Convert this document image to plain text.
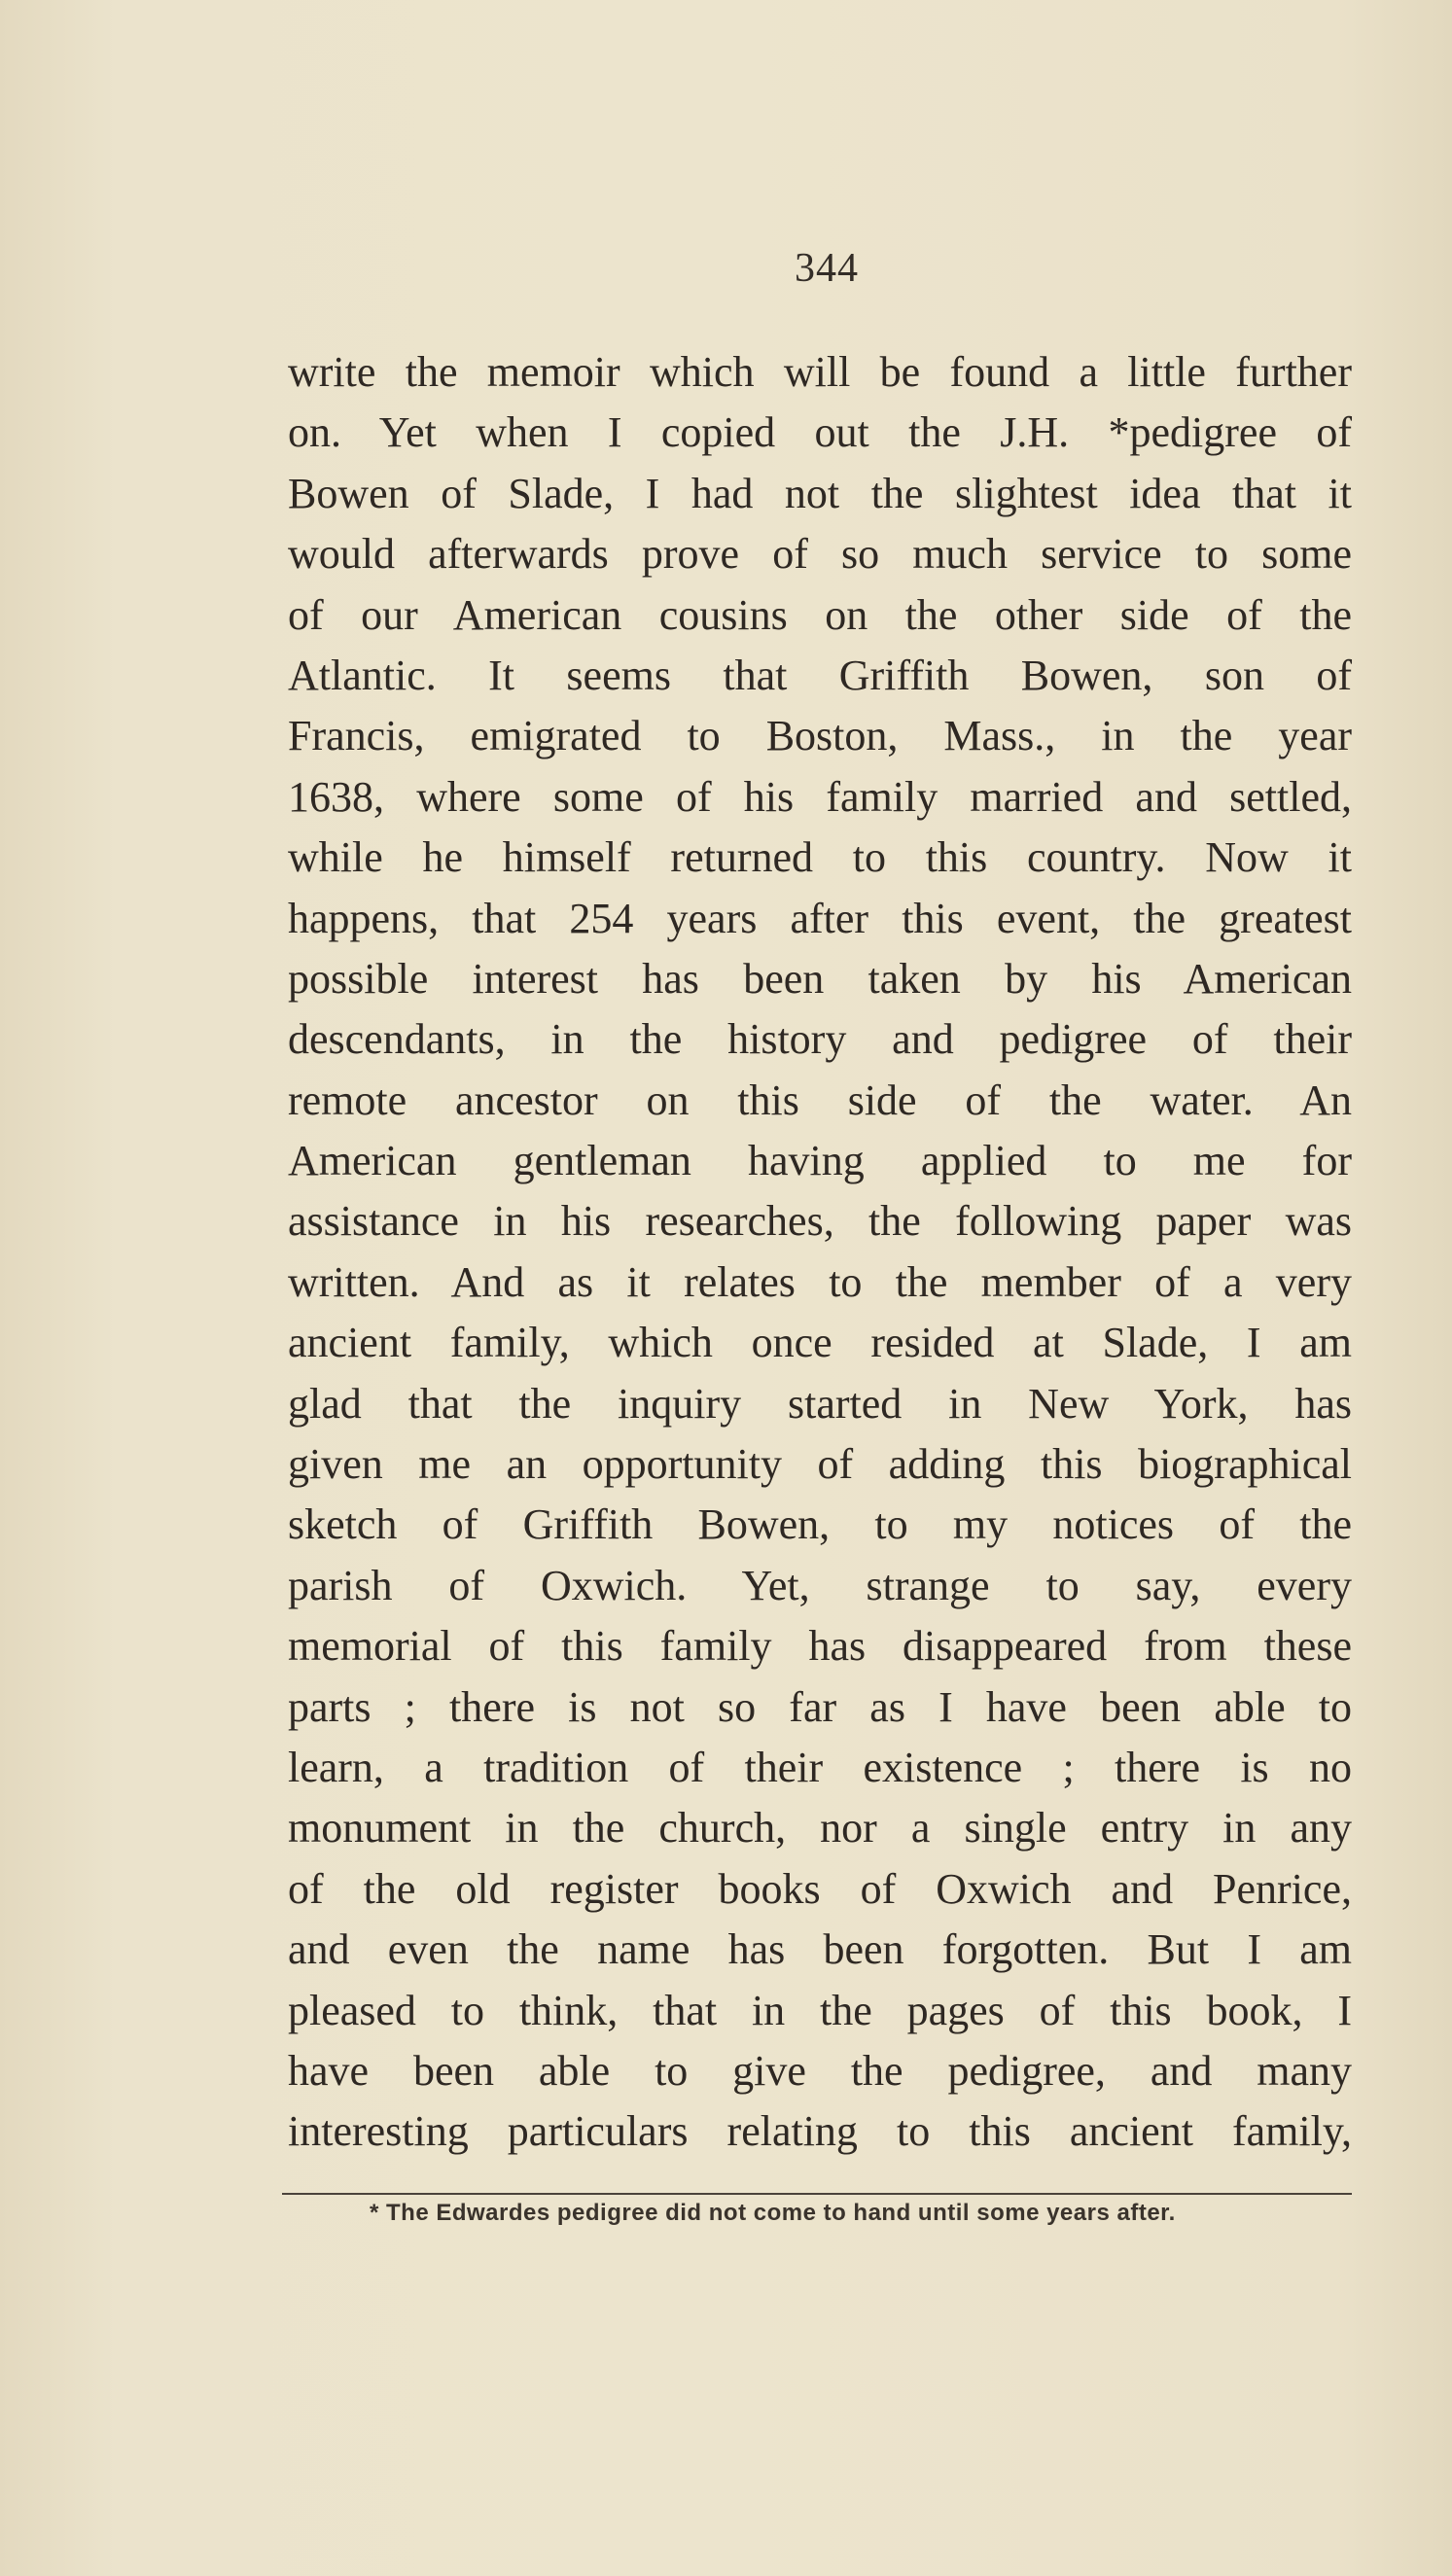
344
write the memoir which will be found a little further
on. Yet when I copied out the J.H. *pedigree of
Bowen of Slade, I had not the slightest idea that it
would afterwards prove of so much service to some
of our American cousins on the other side of the
Atlantic. It seems that Griffith Bowen, son of
Francis, emigrated to Boston, Mass., in the year
1638, where some of his family married and settled,
while he himself returned to this country. Now it
happens, that 254 years after this event, the greatest
possible interest has been taken by his American
descendants, in the history and pedigree of their
remote ancestor on this side of the water. An
American gentleman having applied to me for
assistance in his researches, the following paper was
written. And as it relates to the member of a very
ancient family, which once resided at Slade, I am
glad that the inquiry started in New York, has
given me an opportunity of adding this biographical
sketch of Griffith Bowen, to my notices of the
parish of Oxwich. Yet, strange to say, every
memorial of this family has disappeared from these
parts ; there is not so far as I have been able to
learn, a tradition of their existence ; there is no
monument in the church, nor a single entry in any
of the old register books of Oxwich and Penrice,
and even the name has been forgotten. But I am
pleased to think, that in the pages of this book, I
have been able to give the pedigree, and many
interesting particulars relating to this ancient family,
* The Edwardes pedigree did not come to hand until some years after.
